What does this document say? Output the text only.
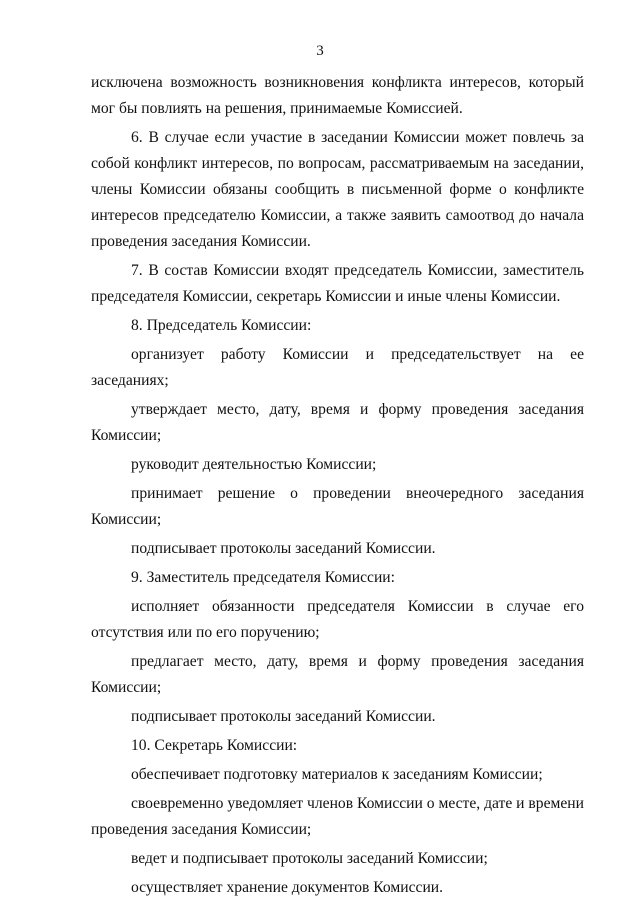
3

исключена возможность возникновения конфликта интересов, который мог бы повлиять на решения, принимаемые Комиссией.

6. В случае если участие в заседании Комиссии может повлечь за собой конфликт интересов, по вопросам, рассматриваемым на заседании, члены Комиссии обязаны сообщить в письменной форме о конфликте интересов председателю Комиссии, а также заявить самоотвод до начала проведения заседания Комиссии.

7. В состав Комиссии входят председатель Комиссии, заместитель председателя Комиссии, секретарь Комиссии и иные члены Комиссии.

8. Председатель Комиссии:

организует работу Комиссии и председательствует на ее заседаниях;

утверждает место, дату, время и форму проведения заседания Комиссии;

руководит деятельностью Комиссии;

принимает решение о проведении внеочередного заседания Комиссии;

подписывает протоколы заседаний Комиссии.

9. Заместитель председателя Комиссии:

исполняет обязанности председателя Комиссии в случае его отсутствия или по его поручению;

предлагает место, дату, время и форму проведения заседания Комиссии;

подписывает протоколы заседаний Комиссии.

10. Секретарь Комиссии:

обеспечивает подготовку материалов к заседаниям Комиссии;

своевременно уведомляет членов Комиссии о месте, дате и времени проведения заседания Комиссии;

ведет и подписывает протоколы заседаний Комиссии;

осуществляет хранение документов Комиссии.
